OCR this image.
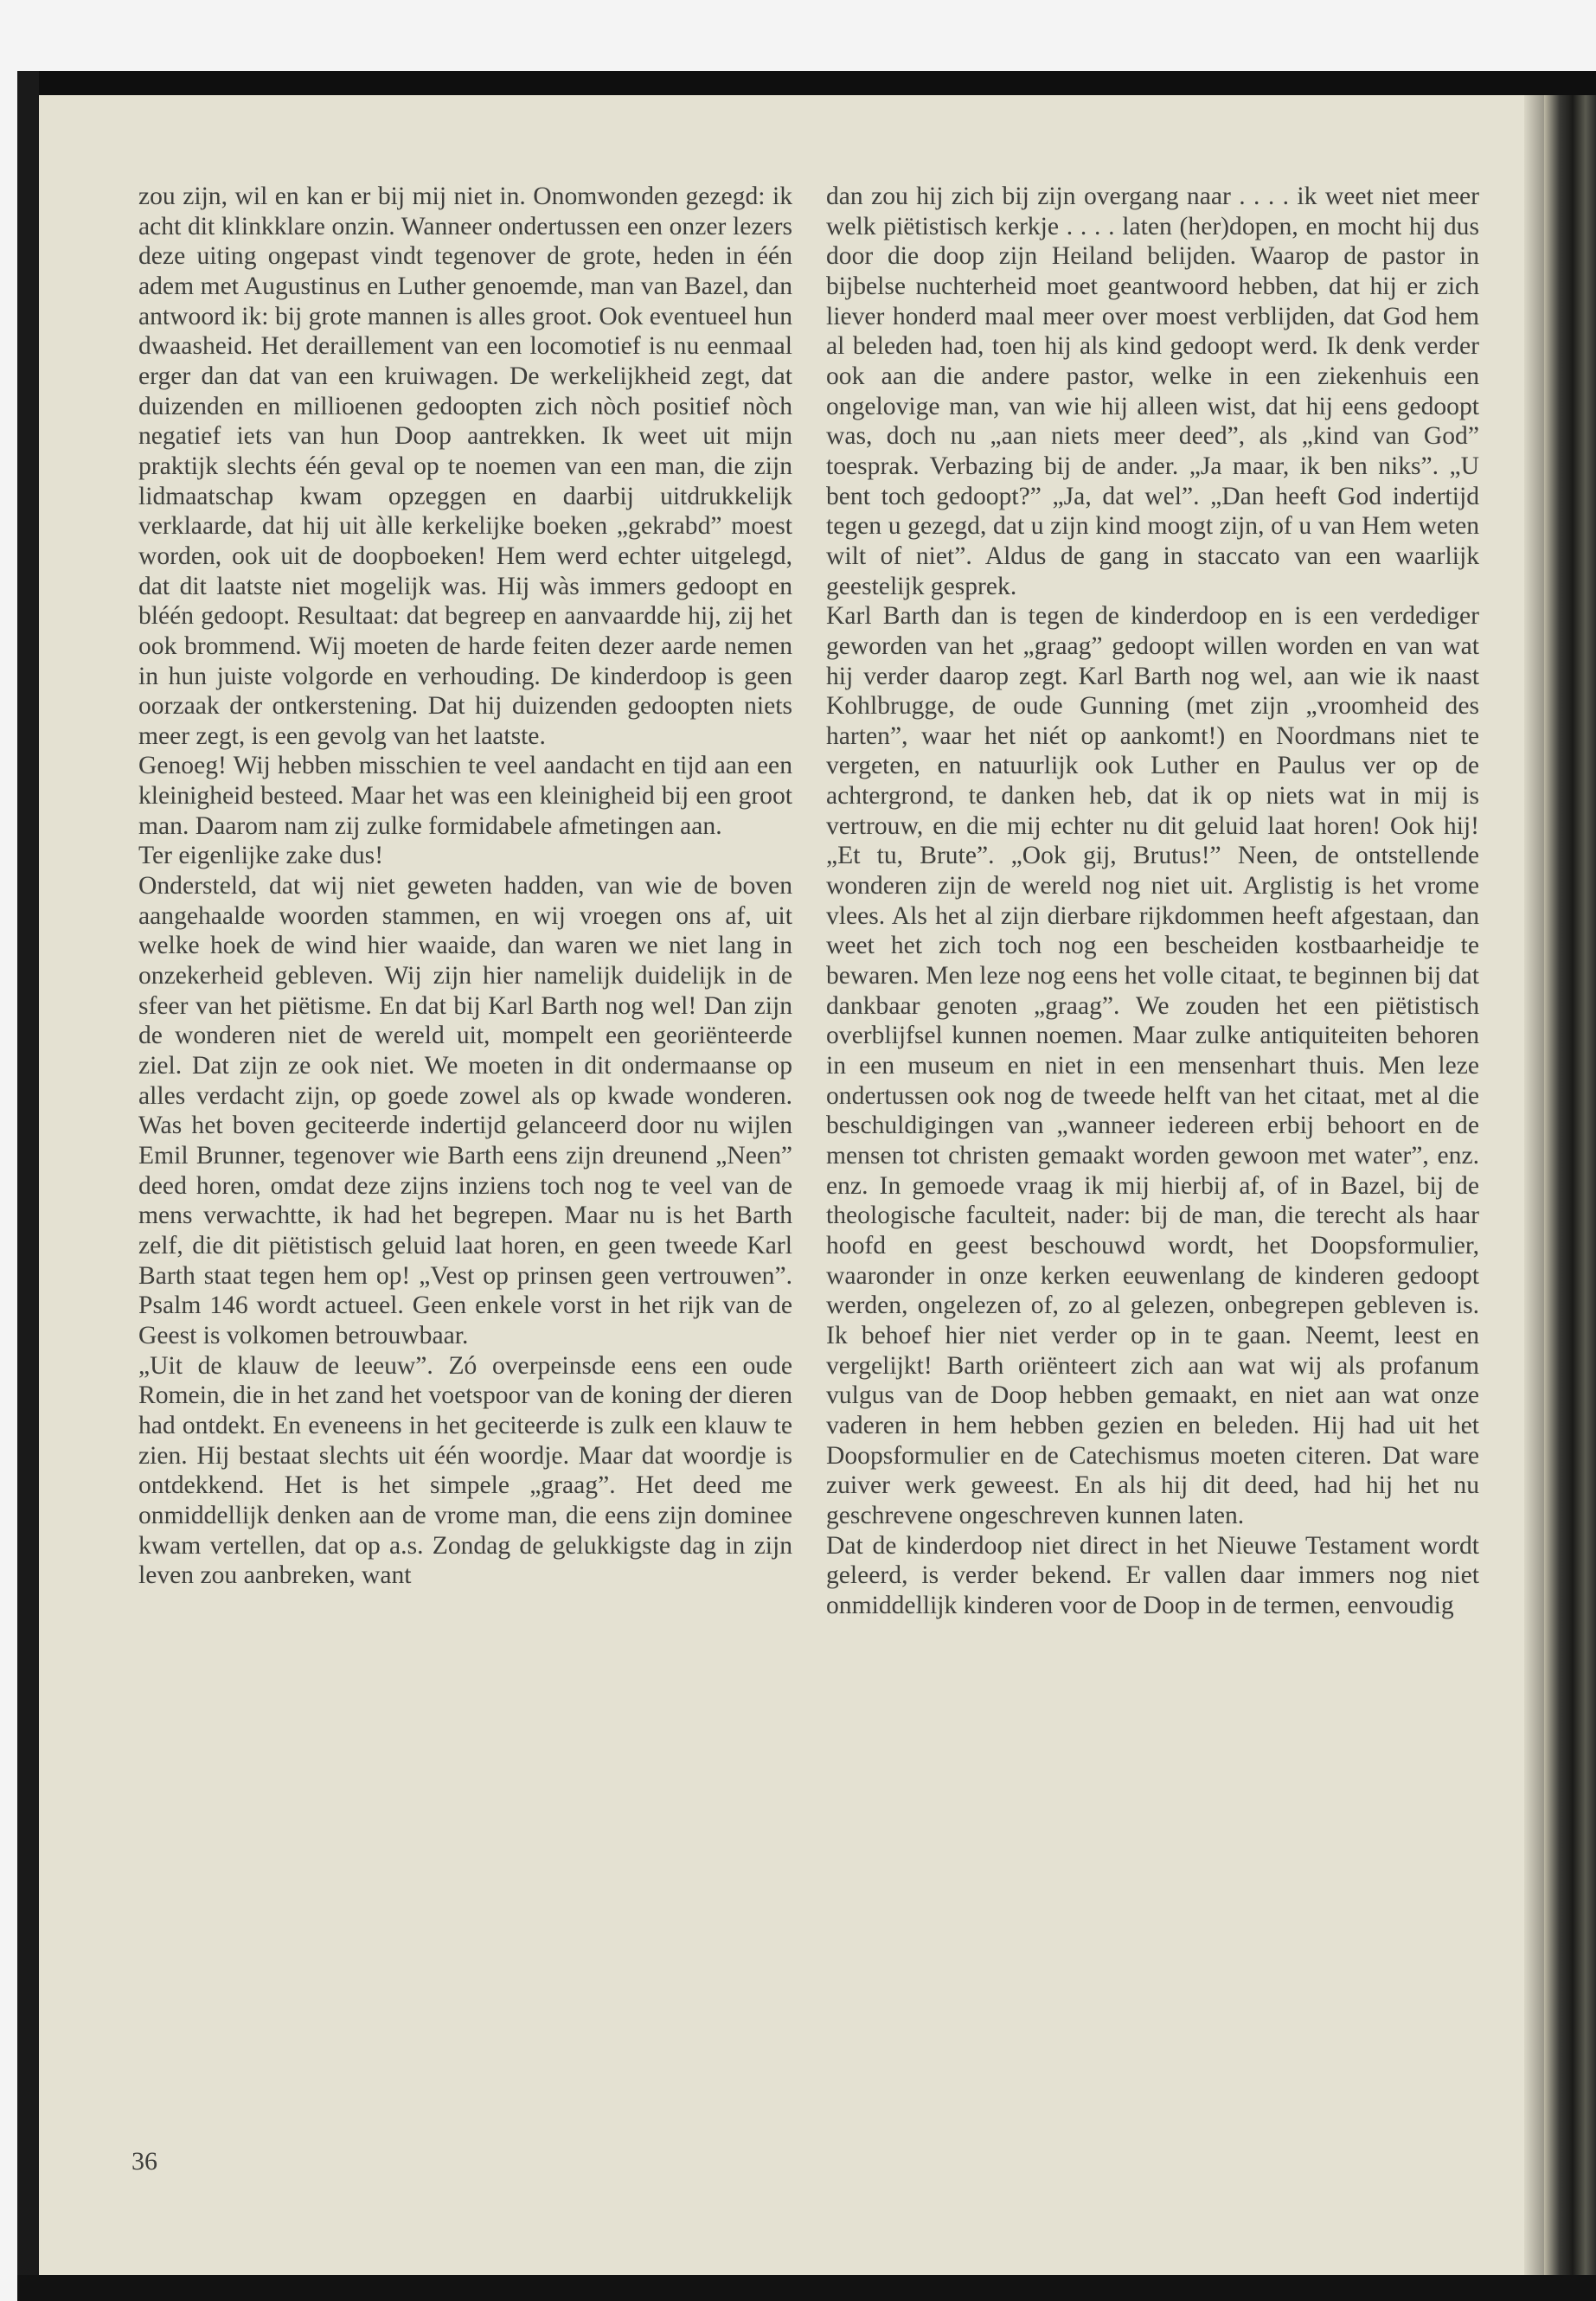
zou zijn, wil en kan er bij mij niet in. Onomwonden gezegd: ik acht dit klinkklare onzin. Wanneer ondertussen een onzer lezers deze uiting ongepast vindt tegenover de grote, heden in één adem met Augustinus en Luther genoemde, man van Bazel, dan antwoord ik: bij grote mannen is alles groot. Ook eventueel hun dwaasheid. Het deraillement van een locomotief is nu eenmaal erger dan dat van een kruiwagen. De werkelijkheid zegt, dat duizenden en millioenen gedoopten zich nòch positief nòch negatief iets van hun Doop aantrekken. Ik weet uit mijn praktijk slechts één geval op te noemen van een man, die zijn lidmaatschap kwam opzeggen en daarbij uitdrukkelijk verklaarde, dat hij uit àlle kerkelijke boeken „gekrabd” moest worden, ook uit de doopboeken! Hem werd echter uitgelegd, dat dit laatste niet mogelijk was. Hij wàs immers gedoopt en bléén gedoopt. Resultaat: dat begreep en aanvaardde hij, zij het ook brommend. Wij moeten de harde feiten dezer aarde nemen in hun juiste volgorde en verhouding. De kinderdoop is geen oorzaak der ontkerstening. Dat hij duizenden gedoopten niets meer zegt, is een gevolg van het laatste.

Genoeg! Wij hebben misschien te veel aandacht en tijd aan een kleinigheid besteed. Maar het was een kleinigheid bij een groot man. Daarom nam zij zulke formidabele afmetingen aan.

Ter eigenlijke zake dus!

Ondersteld, dat wij niet geweten hadden, van wie de boven aangehaalde woorden stammen, en wij vroegen ons af, uit welke hoek de wind hier waaide, dan waren we niet lang in onzekerheid gebleven. Wij zijn hier namelijk duidelijk in de sfeer van het piëtisme. En dat bij Karl Barth nog wel! Dan zijn de wonderen niet de wereld uit, mompelt een georiënteerde ziel. Dat zijn ze ook niet. We moeten in dit ondermaanse op alles verdacht zijn, op goede zowel als op kwade wonderen. Was het boven geciteerde indertijd gelanceerd door nu wijlen Emil Brunner, tegenover wie Barth eens zijn dreunend „Neen” deed horen, omdat deze zijns inziens toch nog te veel van de mens verwachtte, ik had het begrepen. Maar nu is het Barth zelf, die dit piëtistisch geluid laat horen, en geen tweede Karl Barth staat tegen hem op! „Vest op prinsen geen vertrouwen”. Psalm 146 wordt actueel. Geen enkele vorst in het rijk van de Geest is volkomen betrouwbaar.

„Uit de klauw de leeuw”. Zó overpeinsde eens een oude Romein, die in het zand het voetspoor van de koning der dieren had ontdekt. En eveneens in het geciteerde is zulk een klauw te zien. Hij bestaat slechts uit één woordje. Maar dat woordje is ontdekkend. Het is het simpele „graag”. Het deed me onmiddellijk denken aan de vrome man, die eens zijn dominee kwam vertellen, dat op a.s. Zondag de gelukkigste dag in zijn leven zou aanbreken, want

dan zou hij zich bij zijn overgang naar . . . . ik weet niet meer welk piëtistisch kerkje . . . . laten (her)dopen, en mocht hij dus door die doop zijn Heiland belijden. Waarop de pastor in bijbelse nuchterheid moet geantwoord hebben, dat hij er zich liever honderd maal meer over moest verblijden, dat God hem al beleden had, toen hij als kind gedoopt werd. Ik denk verder ook aan die andere pastor, welke in een ziekenhuis een ongelovige man, van wie hij alleen wist, dat hij eens gedoopt was, doch nu „aan niets meer deed”, als „kind van God” toesprak. Verbazing bij de ander. „Ja maar, ik ben niks”. „U bent toch gedoopt?” „Ja, dat wel”. „Dan heeft God indertijd tegen u gezegd, dat u zijn kind moogt zijn, of u van Hem weten wilt of niet”. Aldus de gang in staccato van een waarlijk geestelijk gesprek.

Karl Barth dan is tegen de kinderdoop en is een verdediger geworden van het „graag” gedoopt willen worden en van wat hij verder daarop zegt. Karl Barth nog wel, aan wie ik naast Kohlbrugge, de oude Gunning (met zijn „vroomheid des harten”, waar het niét op aankomt!) en Noordmans niet te vergeten, en natuurlijk ook Luther en Paulus ver op de achtergrond, te danken heb, dat ik op niets wat in mij is vertrouw, en die mij echter nu dit geluid laat horen! Ook hij! „Et tu, Brute”. „Ook gij, Brutus!” Neen, de ontstellende wonderen zijn de wereld nog niet uit. Arglistig is het vrome vlees. Als het al zijn dierbare rijkdommen heeft afgestaan, dan weet het zich toch nog een bescheiden kostbaarheidje te bewaren. Men leze nog eens het volle citaat, te beginnen bij dat dankbaar genoten „graag”. We zouden het een piëtistisch overblijfsel kunnen noemen. Maar zulke antiquiteiten behoren in een museum en niet in een mensenhart thuis. Men leze ondertussen ook nog de tweede helft van het citaat, met al die beschuldigingen van „wanneer iedereen erbij behoort en de mensen tot christen gemaakt worden gewoon met water”, enz. enz. In gemoede vraag ik mij hierbij af, of in Bazel, bij de theologische faculteit, nader: bij de man, die terecht als haar hoofd en geest beschouwd wordt, het Doopsformulier, waaronder in onze kerken eeuwenlang de kinderen gedoopt werden, ongelezen of, zo al gelezen, onbegrepen gebleven is. Ik behoef hier niet verder op in te gaan. Neemt, leest en vergelijkt! Barth oriënteert zich aan wat wij als profanum vulgus van de Doop hebben gemaakt, en niet aan wat onze vaderen in hem hebben gezien en beleden. Hij had uit het Doopsformulier en de Catechismus moeten citeren. Dat ware zuiver werk geweest. En als hij dit deed, had hij het nu geschrevene ongeschreven kunnen laten.

Dat de kinderdoop niet direct in het Nieuwe Testament wordt geleerd, is verder bekend. Er vallen daar immers nog niet onmiddellijk kinderen voor de Doop in de termen, eenvoudig

36
